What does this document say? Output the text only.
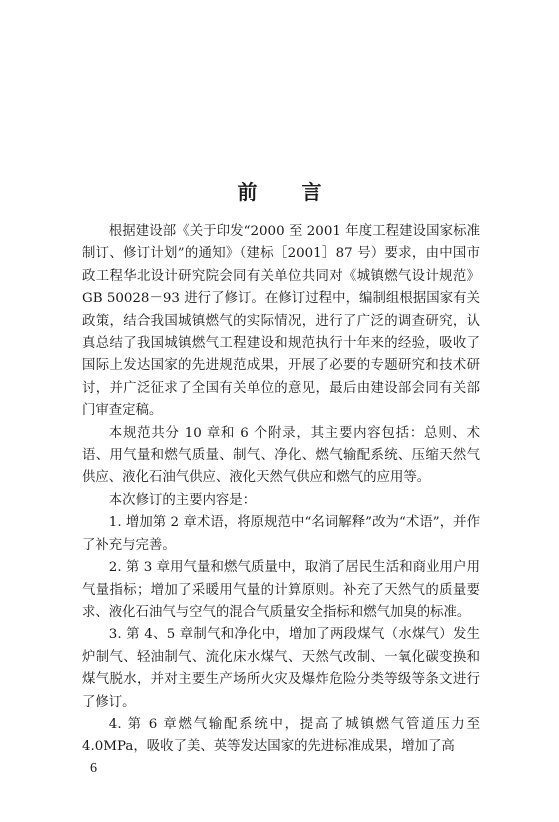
前 言

根据建设部《关于印发“2000 至 2001 年度工程建设国家标准制订、修订计划”的通知》（建标［2001］87 号）要求，由中国市政工程华北设计研究院会同有关单位共同对《城镇燃气设计规范》GB 50028－93 进行了修订。在修订过程中，编制组根据国家有关政策，结合我国城镇燃气的实际情况，进行了广泛的调查研究，认真总结了我国城镇燃气工程建设和规范执行十年来的经验，吸收了国际上发达国家的先进规范成果，开展了必要的专题研究和技术研讨，并广泛征求了全国有关单位的意见，最后由建设部会同有关部门审查定稿。

本规范共分 10 章和 6 个附录，其主要内容包括：总则、术语、用气量和燃气质量、制气、净化、燃气输配系统、压缩天然气供应、液化石油气供应、液化天然气供应和燃气的应用等。

本次修订的主要内容是：

1. 增加第 2 章术语，将原规范中“名词解释”改为“术语”，并作了补充与完善。

2. 第 3 章用气量和燃气质量中，取消了居民生活和商业用户用气量指标；增加了采暖用气量的计算原则。补充了天然气的质量要求、液化石油气与空气的混合气质量安全指标和燃气加臭的标准。

3. 第 4、5 章制气和净化中，增加了两段煤气（水煤气）发生炉制气、轻油制气、流化床水煤气、天然气改制、一氧化碳变换和煤气脱水，并对主要生产场所火灾及爆炸危险分类等级等条文进行了修订。

4. 第 6 章燃气输配系统中，提高了城镇燃气管道压力至 4.0MPa，吸收了美、英等发达国家的先进标准成果，增加了高

6
